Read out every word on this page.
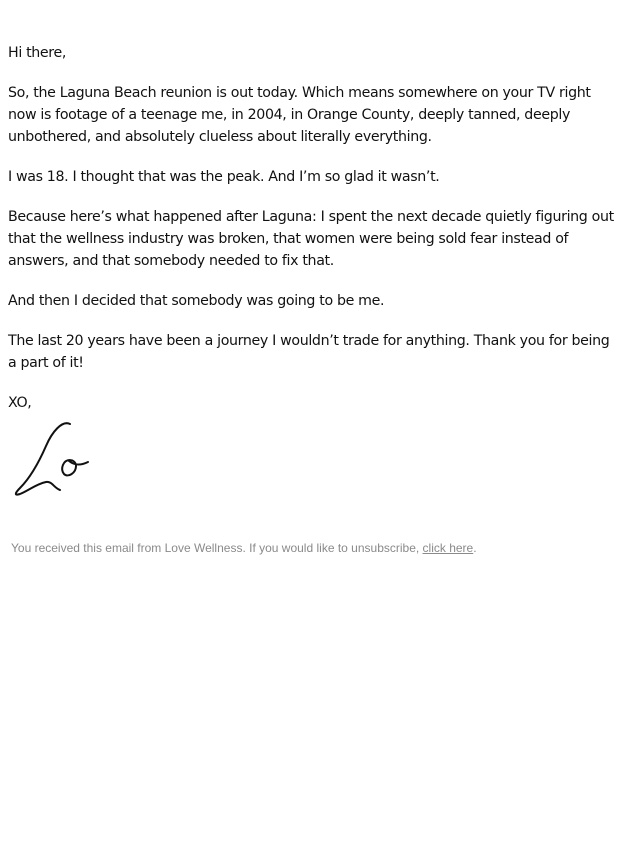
Hi there,

So, the Laguna Beach reunion is out today. Which means somewhere on your TV right now is footage of a teenage me, in 2004, in Orange County, deeply tanned, deeply unbothered, and absolutely clueless about literally everything.

I was 18. I thought that was the peak. And I’m so glad it wasn’t.

Because here’s what happened after Laguna: I spent the next decade quietly figuring out that the wellness industry was broken, that women were being sold fear instead of answers, and that somebody needed to fix that.

And then I decided that somebody was going to be me.

The last 20 years have been a journey I wouldn’t trade for anything. Thank you for being a part of it!

XO,

You received this email from Love Wellness. If you would like to unsubscribe, click here.
